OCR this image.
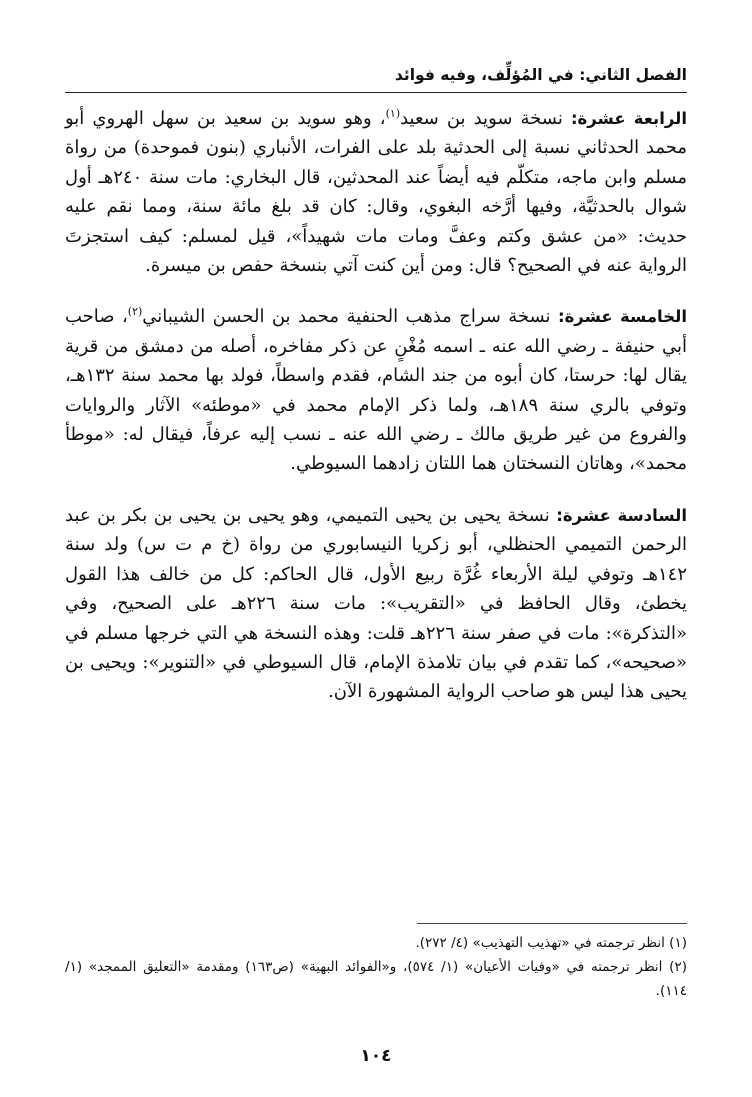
الفصل الثاني: في المُؤلِّف، وفيه فوائد

الرابعة عشرة: نسخة سويد بن سعيد$^{(١)}$، وهو سويد بن سعيد بن سهل الهروي أبو محمد الحدثاني نسبة إلى الحدثية بلد على الفرات، الأنباري (بنون فموحدة) من رواة مسلم وابن ماجه، متكلّم فيه أيضاً عند المحدثين، قال البخاري: مات سنة ٢٤٠هـ أول شوال بالحدثيَّة، وفيها أرَّخه البغوي، وقال: كان قد بلغ مائة سنة، ومما نقم عليه حديث: «من عشق وكتم وعفَّ ومات مات شهيداً»، قيل لمسلم: كيف استجزتَ الرواية عنه في الصحيح؟ قال: ومن أين كنت آتي بنسخة حفص بن ميسرة.

الخامسة عشرة: نسخة سراج مذهب الحنفية محمد بن الحسن الشيباني$^{(٢)}$، صاحب أبي حنيفة ـ رضي الله عنه ـ اسمه مُغْنٍ عن ذكر مفاخره، أصله من دمشق من قرية يقال لها: حرستا، كان أبوه من جند الشام، فقدم واسطاً، فولد بها محمد سنة ١٣٢هـ، وتوفي بالري سنة ١٨٩هـ، ولما ذكر الإمام محمد في «موطئه» الآثار والروايات والفروع من غير طريق مالك ـ رضي الله عنه ـ نسب إليه عرفاً، فيقال له: «موطأ محمد»، وهاتان النسختان هما اللتان زادهما السيوطي.

السادسة عشرة: نسخة يحيى بن يحيى التميمي، وهو يحيى بن يحيى بن بكر بن عبد الرحمن التميمي الحنظلي، أبو زكريا النيسابوري من رواة (خ م ت س) ولد سنة ١٤٢هـ وتوفي ليلة الأربعاء غُرَّة ربيع الأول، قال الحاكم: كل من خالف هذا القول يخطئ، وقال الحافظ في «التقريب»: مات سنة ٢٢٦هـ على الصحيح، وفي «التذكرة»: مات في صفر سنة ٢٢٦هـ قلت: وهذه النسخة هي التي خرجها مسلم في «صحيحه»، كما تقدم في بيان تلامذة الإمام، قال السيوطي في «التنوير»: ويحيى بن يحيى هذا ليس هو صاحب الرواية المشهورة الآن.

(١) انظر ترجمته في «تهذيب التهذيب» (٤/ ٢٧٢).

(٢) انظر ترجمته في «وفيات الأعيان» (١/ ٥٧٤)، و«الفوائد البهية» (ص١٦٣) ومقدمة «التعليق الممجد» (١/ ١١٤).

١٠٤
